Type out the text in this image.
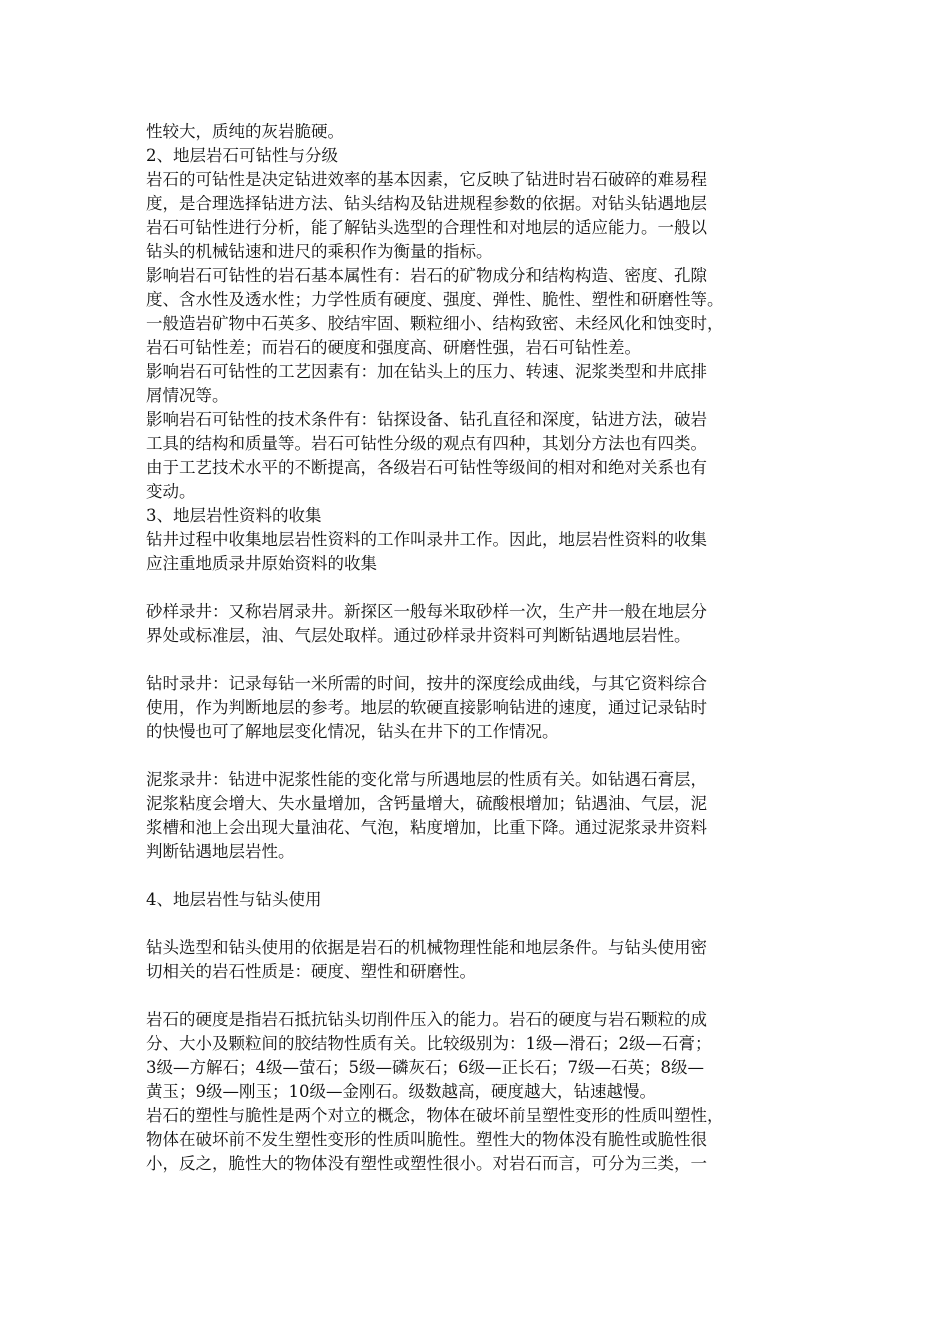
性较大，质纯的灰岩脆硬。
2、地层岩石可钻性与分级
岩石的可钻性是决定钻进效率的基本因素，它反映了钻进时岩石破碎的难易程
度，是合理选择钻进方法、钻头结构及钻进规程参数的依据。对钻头钻遇地层
岩石可钻性进行分析，能了解钻头选型的合理性和对地层的适应能力。一般以
钻头的机械钻速和进尺的乘积作为衡量的指标。
影响岩石可钻性的岩石基本属性有：岩石的矿物成分和结构构造、密度、孔隙
度、含水性及透水性；力学性质有硬度、强度、弹性、脆性、塑性和研磨性等。
一般造岩矿物中石英多、胶结牢固、颗粒细小、结构致密、未经风化和蚀变时，
岩石可钻性差；而岩石的硬度和强度高、研磨性强，岩石可钻性差。
影响岩石可钻性的工艺因素有：加在钻头上的压力、转速、泥浆类型和井底排
屑情况等。
影响岩石可钻性的技术条件有：钻探设备、钻孔直径和深度，钻进方法，破岩
工具的结构和质量等。岩石可钻性分级的观点有四种，其划分方法也有四类。
由于工艺技术水平的不断提高，各级岩石可钻性等级间的相对和绝对关系也有
变动。
3、地层岩性资料的收集
钻井过程中收集地层岩性资料的工作叫录井工作。因此，地层岩性资料的收集
应注重地质录井原始资料的收集
砂样录井：又称岩屑录井。新探区一般每米取砂样一次，生产井一般在地层分
界处或标准层，油、气层处取样。通过砂样录井资料可判断钻遇地层岩性。
钻时录井：记录每钻一米所需的时间，按井的深度绘成曲线，与其它资料综合
使用，作为判断地层的参考。地层的软硬直接影响钻进的速度，通过记录钻时
的快慢也可了解地层变化情况，钻头在井下的工作情况。
泥浆录井：钻进中泥浆性能的变化常与所遇地层的性质有关。如钻遇石膏层，
泥浆粘度会增大、失水量增加，含钙量增大，硫酸根增加；钻遇油、气层，泥
浆槽和池上会出现大量油花、气泡，粘度增加，比重下降。通过泥浆录井资料
判断钻遇地层岩性。
4、地层岩性与钻头使用
钻头选型和钻头使用的依据是岩石的机械物理性能和地层条件。与钻头使用密
切相关的岩石性质是：硬度、塑性和研磨性。
岩石的硬度是指岩石抵抗钻头切削件压入的能力。岩石的硬度与岩石颗粒的成
分、大小及颗粒间的胶结物性质有关。比较级别为：1级—滑石；2级—石膏；
3级—方解石；4级—萤石；5级—磷灰石；6级—正长石；7级—石英；8级—
黄玉；9级—刚玉；10级—金刚石。级数越高，硬度越大，钻速越慢。
岩石的塑性与脆性是两个对立的概念，物体在破坏前呈塑性变形的性质叫塑性，
物体在破坏前不发生塑性变形的性质叫脆性。塑性大的物体没有脆性或脆性很
小，反之，脆性大的物体没有塑性或塑性很小。对岩石而言，可分为三类，一
